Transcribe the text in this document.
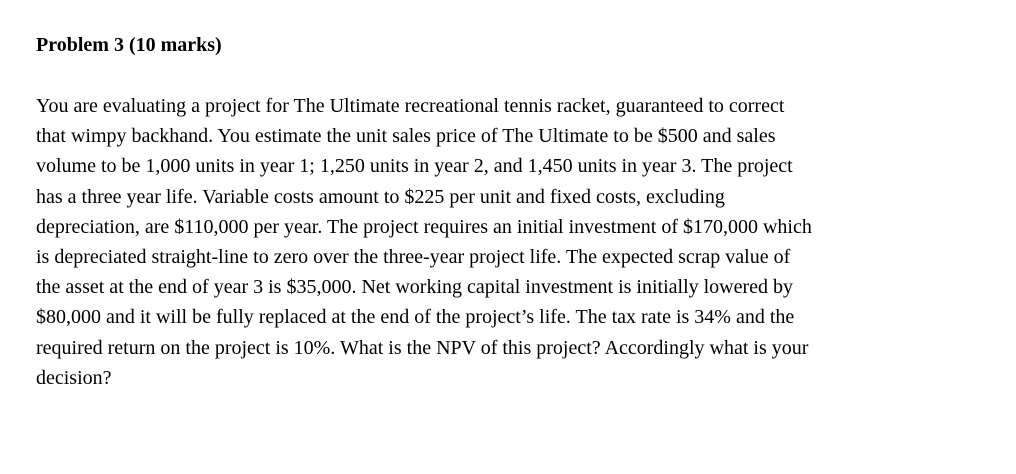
Problem 3 (10 marks)
You are evaluating a project for The Ultimate recreational tennis racket, guaranteed to correct
that wimpy backhand. You estimate the unit sales price of The Ultimate to be $500 and sales
volume to be 1,000 units in year 1; 1,250 units in year 2, and 1,450 units in year 3. The project
has a three year life. Variable costs amount to $225 per unit and fixed costs, excluding
depreciation, are $110,000 per year. The project requires an initial investment of $170,000 which
is depreciated straight-line to zero over the three-year project life. The expected scrap value of
the asset at the end of year 3 is $35,000. Net working capital investment is initially lowered by
$80,000 and it will be fully replaced at the end of the project’s life. The tax rate is 34% and the
required return on the project is 10%. What is the NPV of this project? Accordingly what is your
decision?
